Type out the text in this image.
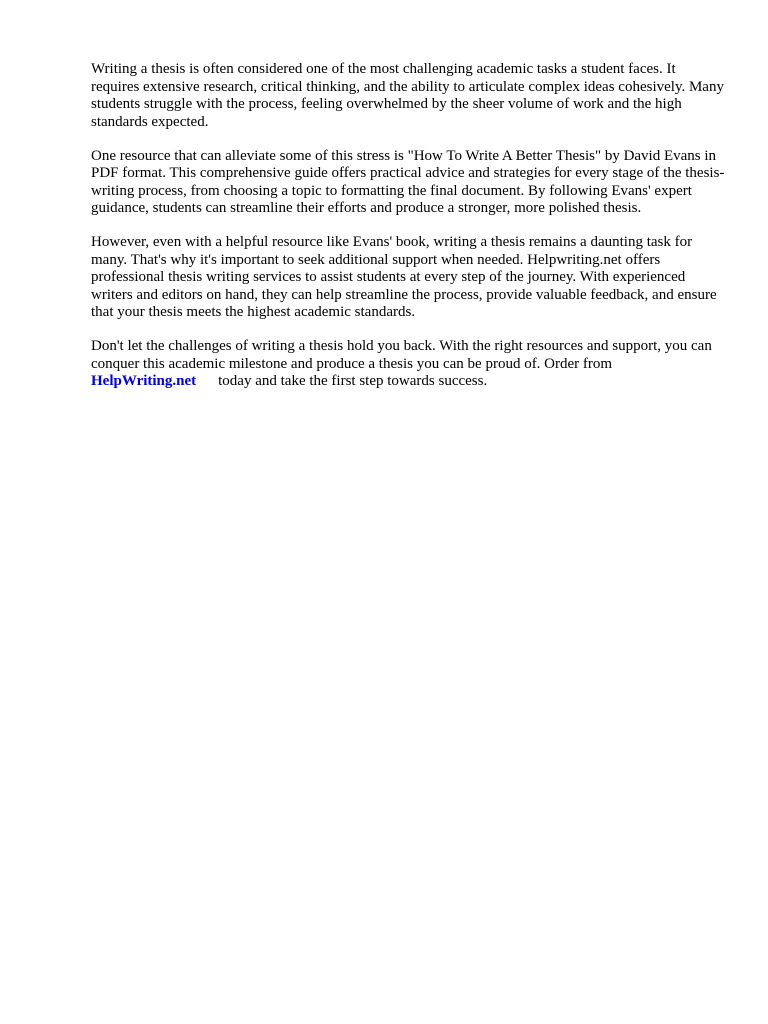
Writing a thesis is often considered one of the most challenging academic tasks a student faces. It requires extensive research, critical thinking, and the ability to articulate complex ideas cohesively. Many students struggle with the process, feeling overwhelmed by the sheer volume of work and the high standards expected.

One resource that can alleviate some of this stress is "How To Write A Better Thesis" by David Evans in PDF format. This comprehensive guide offers practical advice and strategies for every stage of the thesis-writing process, from choosing a topic to formatting the final document. By following Evans' expert guidance, students can streamline their efforts and produce a stronger, more polished thesis.

However, even with a helpful resource like Evans' book, writing a thesis remains a daunting task for many. That's why it's important to seek additional support when needed. Helpwriting.net offers professional thesis writing services to assist students at every step of the journey. With experienced writers and editors on hand, they can help streamline the process, provide valuable feedback, and ensure that your thesis meets the highest academic standards.

Don't let the challenges of writing a thesis hold you back. With the right resources and support, you can conquer this academic milestone and produce a thesis you can be proud of. Order from
HelpWriting.net today and take the first step towards success.
